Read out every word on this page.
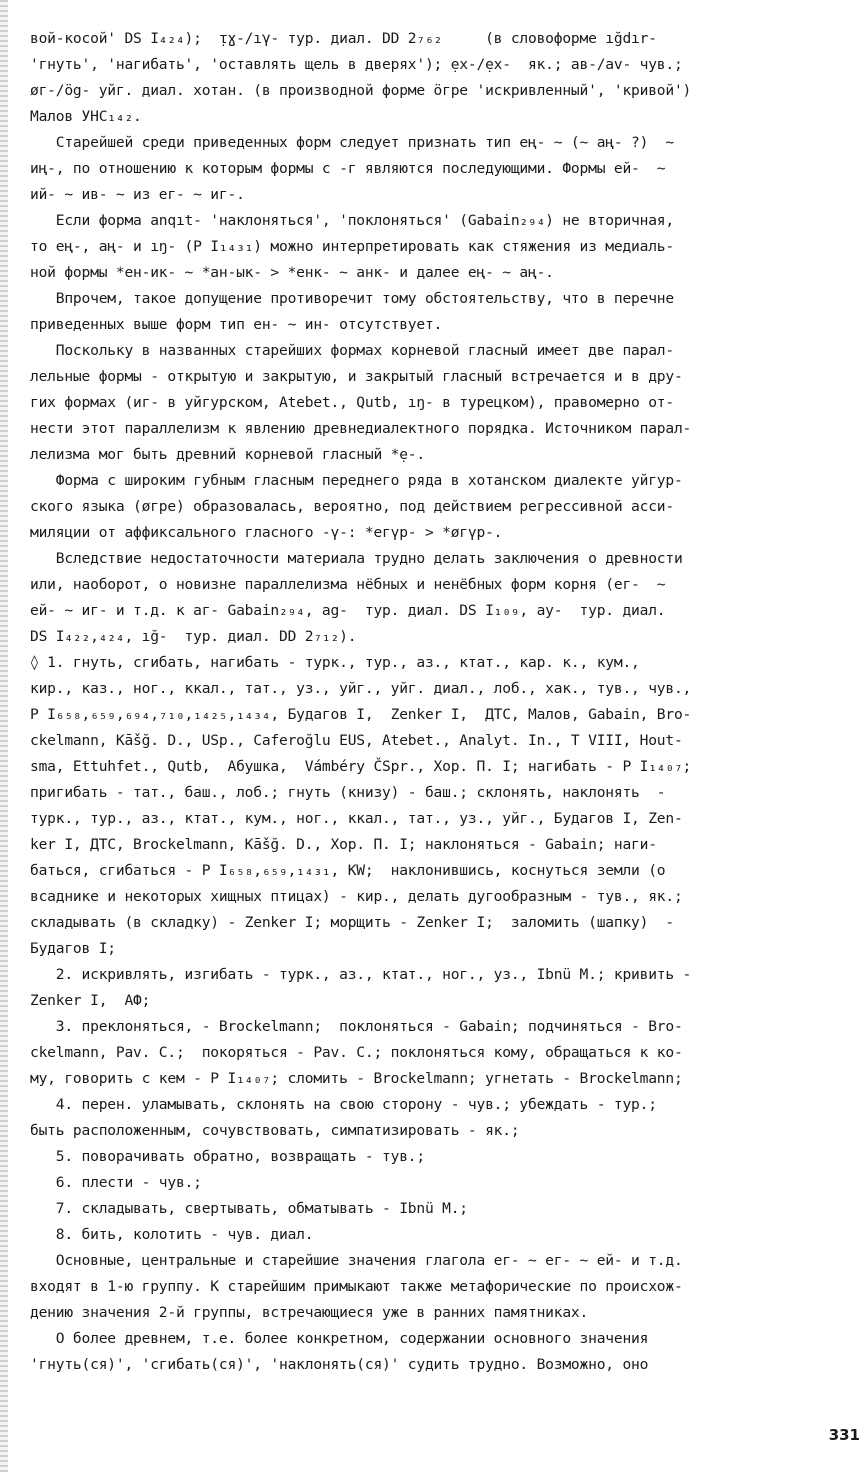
вой-косой' DS I₄₂₄);  ᴉɣ-/ıγ- тур. диал. DD 2₇₆₂     (в словоформе ığdır-
'гнуть', 'нагибать', 'оставлять щель в дверях'); ẹx-/ẹx-  як.; aв-/av- чув.;
øг-/ög- уйг. диал. хотан. (в производной форме öгре 'искривленный', 'кривой')
Малов УНС₁₄₂.

Старейшей среди приведенных форм следует признать тип ең- ~ (~ аң- ?)  ~
иң-, по отношению к которым формы с -г являются последующими. Формы ей-  ~
ий- ~ ив- ~ из ег- ~ иг-.

Если форма anqıt- 'наклоняться', 'поклоняться' (Gabain₂₉₄) не вторичная,
то ең-, аң- и ıŋ- (Р I₁₄₃₁) можно интерпретировать как стяжения из медиаль-
ной формы *ен-ик- ~ *ан-ык- > *енк- ~ анк- и далее ең- ~ аң-.

Впрочем, такое допущение противоречит тому обстоятельству, что в перечне
приведенных выше форм тип ен- ~ ин- отсутствует.

Поскольку в названных старейших формах корневой гласный имеет две парал-
лельные формы - открытую и закрытую, и закрытый гласный встречается и в дру-
гих формах (иг- в уйгурском, Atebet., Qutb, ıŋ- в турецком), правомерно от-
нести этот параллелизм к явлению древнедиалектного порядка. Источником парал-
лелизма мог быть древний корневой гласный *ẹ-.

Форма с широким губным гласным переднего ряда в хотанском диалекте уйгур-
ского языка (øгре) образовалась, вероятно, под действием регрессивной асси-
миляции от аффиксального гласного -ү-: *егүр- > *øгүр-.

Вследствие недостаточности материала трудно делать заключения о древности
или, наоборот, о новизне параллелизма нёбных и ненёбных форм корня (ег-  ~
ей- ~ иг- и т.д. к аг- Gabain₂₉₄, ag-  тур. диал. DS I₁₀₉, ay-  тур. диал.
DS I₄₂₂,₄₂₄, ığ-  тур. диал. DD 2₇₁₂).

◊ 1. гнуть, сгибать, нагибать - турк., тур., аз., ктат., кар. к., кум.,
кир., каз., ног., ккал., тат., уз., уйг., уйг. диал., лоб., хак., тув., чув.,
Р I₆₅₈,₆₅₉,₆₉₄,₇₁₀,₁₄₂₅,₁₄₃₄, Будагов I,  Zenker I,  ДТС, Малов, Gabain, Bro-
ckelmann, Kāšğ. D., USp., Caferoğlu EUS, Atebet., Analyt. In., Т VIII, Hout-
sma, Ettuhfet., Qutb,  Абушка,  Vámbéry ČSpr., Хор. П. I; нагибать - Р I₁₄₀₇;
пригибать - тат., баш., лоб.; гнуть (книзу) - баш.; склонять, наклонять  -
турк., тур., аз., ктат., кум., ног., ккал., тат., уз., уйг., Будагов I, Zen-
ker I, ДТС, Brockelmann, Kāšğ. D., Хор. П. I; наклоняться - Gabain; наги-
баться, сгибаться - Р I₆₅₈,₆₅₉,₁₄₃₁, KW;  наклонившись, коснуться земли (о
всаднике и некоторых хищных птицах) - кир., делать дугообразным - тув., як.;
складывать (в складку) - Zenker I; морщить - Zenker I;  заломить (шапку)  -
Будагов I;

2. искривлять, изгибать - турк., аз., ктат., ног., уз., Ibnü M.; кривить -
Zenker I,  АФ;

3. преклоняться, - Brockelmann;  поклоняться - Gabain; подчиняться - Bro-
ckelmann, Pav. C.;  покоряться - Pav. C.; поклоняться кому, обращаться к ко-
му, говорить с кем - Р I₁₄₀₇; сломить - Brockelmann; угнетать - Brockelmann;

4. перен. уламывать, склонять на свою сторону - чув.; убеждать - тур.;
быть расположенным, сочувствовать, симпатизировать - як.;

5. поворачивать обратно, возвращать - тув.;

6. плести - чув.;

7. складывать, свертывать, обматывать - Ibnü M.;

8. бить, колотить - чув. диал.

Основные, центральные и старейшие значения глагола ег- ~ ег- ~ ей- и т.д.
входят в 1-ю группу. К старейшим примыкают также метафорические по происхож-
дению значения 2-й группы, встречающиеся уже в ранних памятниках.

О более древнем, т.е. более конкретном, содержании основного значения
'гнуть(ся)', 'сгибать(ся)', 'наклонять(ся)' судить трудно. Возможно, оно

331
